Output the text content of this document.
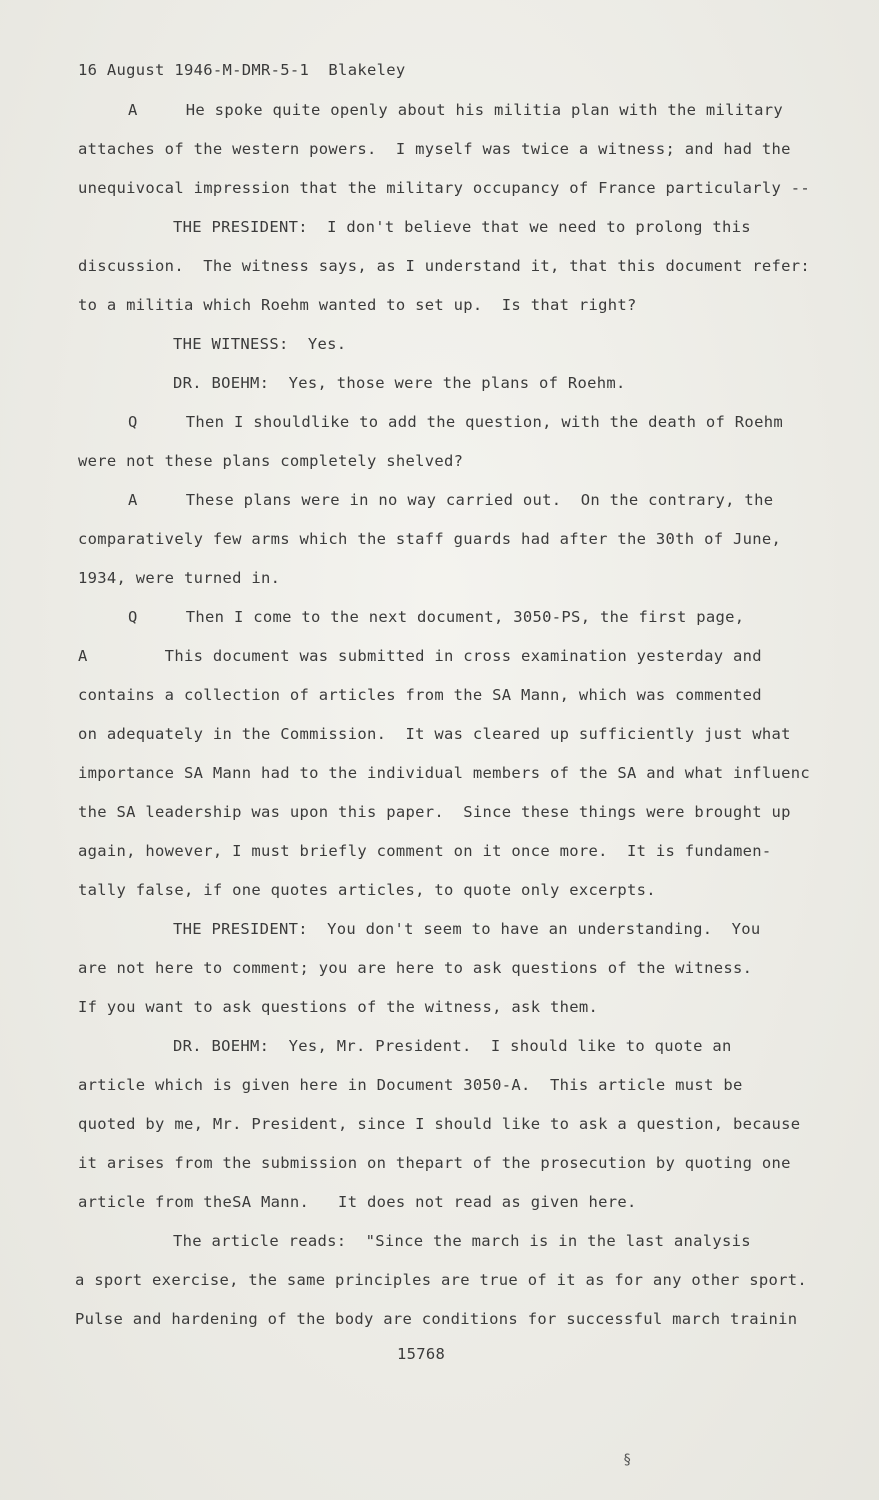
16 August 1946-M-DMR-5-1  Blakeley
A     He spoke quite openly about his militia plan with the military
attaches of the western powers.  I myself was twice a witness; and had the
unequivocal impression that the military occupancy of France particularly --
THE PRESIDENT:  I don't believe that we need to prolong this
discussion.  The witness says, as I understand it, that this document refer:
to a militia which Roehm wanted to set up.  Is that right?
THE WITNESS:  Yes.
DR. BOEHM:  Yes, those were the plans of Roehm.
Q     Then I shouldlike to add the question, with the death of Roehm
were not these plans completely shelved?
A     These plans were in no way carried out.  On the contrary, the
comparatively few arms which the staff guards had after the 30th of June,
1934, were turned in.
Q     Then I come to the next document, 3050-PS, the first page,
A        This document was submitted in cross examination yesterday and
contains a collection of articles from the SA Mann, which was commented
on adequately in the Commission.  It was cleared up sufficiently just what
importance SA Mann had to the individual members of the SA and what influenc
the SA leadership was upon this paper.  Since these things were brought up
again, however, I must briefly comment on it once more.  It is fundamen-
tally false, if one quotes articles, to quote only excerpts.
THE PRESIDENT:  You don't seem to have an understanding.  You
are not here to comment; you are here to ask questions of the witness.
If you want to ask questions of the witness, ask them.
DR. BOEHM:  Yes, Mr. President.  I should like to quote an
article which is given here in Document 3050-A.  This article must be
quoted by me, Mr. President, since I should like to ask a question, because
it arises from the submission on thepart of the prosecution by quoting one
article from theSA Mann.   It does not read as given here.
The article reads:  "Since the march is in the last analysis
a sport exercise, the same principles are true of it as for any other sport.
Pulse and hardening of the body are conditions for successful march trainin
15768
§
